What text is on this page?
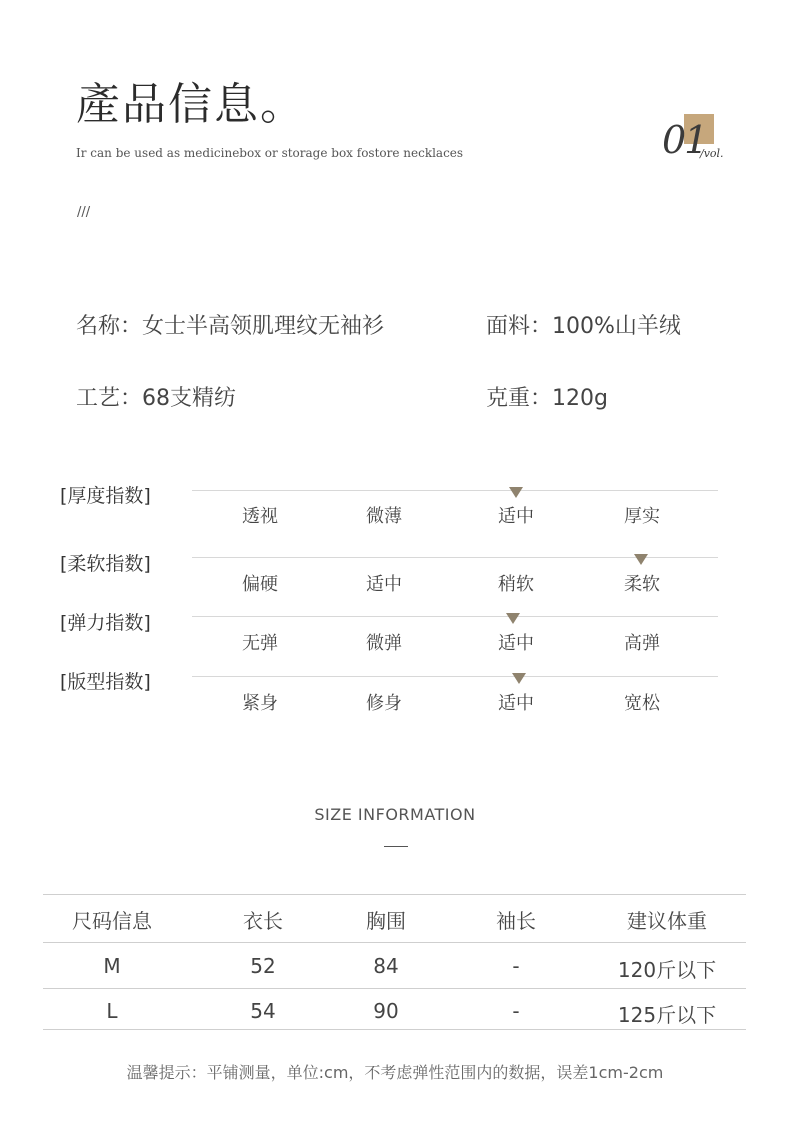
產品信息。
Ir can be used as medicinebox or storage box fostore necklaces
///
01
/vol.
名称：女士半高领肌理纹无袖衫	面料：100%山羊绒
工艺：68支精纺	克重：120g
[厚度指数]
透视	微薄	适中	厚实
[柔软指数]
偏硬	适中	稍软	柔软
[弹力指数]
无弹	微弹	适中	高弹
[版型指数]
紧身	修身	适中	宽松
SIZE INFORMATION
尺码信息	衣长	胸围	袖长	建议体重
M	52	84	-	120斤以下
L	54	90	-	125斤以下
温馨提示：平铺测量，单位:cm，不考虑弹性范围内的数据，误差1cm-2cm
